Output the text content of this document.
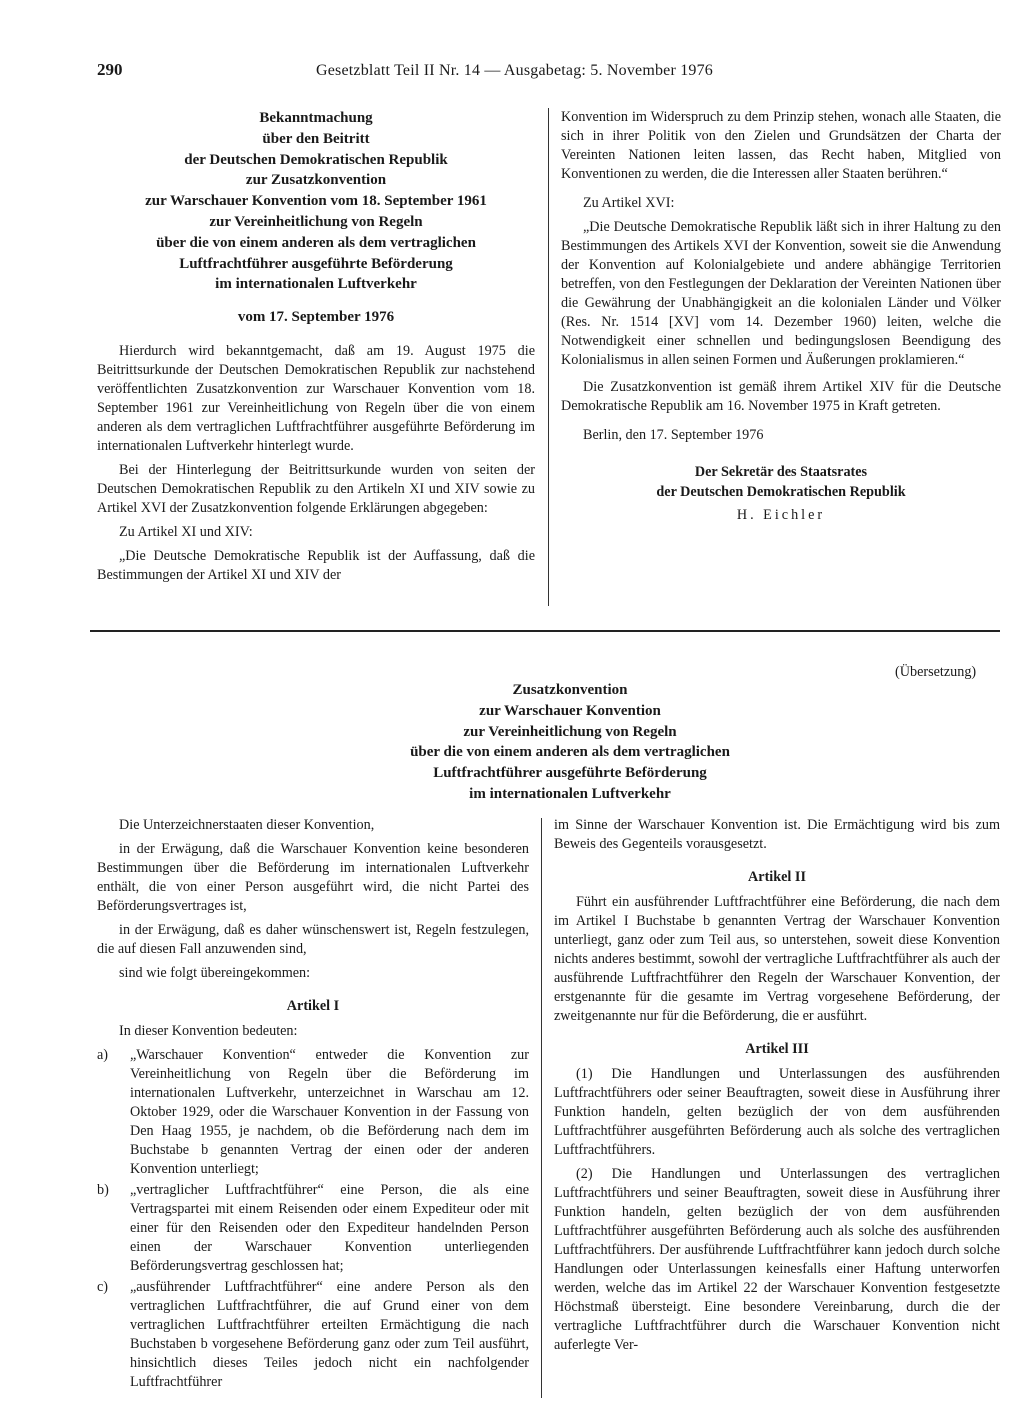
290	Gesetzblatt Teil II Nr. 14 — Ausgabetag: 5. November 1976
Bekanntmachung
über den Beitritt
der Deutschen Demokratischen Republik
zur Zusatzkonvention
zur Warschauer Konvention vom 18. September 1961
zur Vereinheitlichung von Regeln
über die von einem anderen als dem vertraglichen
Luftfrachtführer ausgeführte Beförderung
im internationalen Luftverkehr
vom 17. September 1976

Hierdurch wird bekanntgemacht, daß am 19. August 1975 die Beitrittsurkunde der Deutschen Demokratischen Republik zur nachstehend veröffentlichten Zusatzkonvention zur Warschauer Konvention vom 18. September 1961 zur Vereinheitlichung von Regeln über die von einem anderen als dem vertraglichen Luftfrachtführer ausgeführte Beförderung im internationalen Luftverkehr hinterlegt wurde.

Bei der Hinterlegung der Beitrittsurkunde wurden von seiten der Deutschen Demokratischen Republik zu den Artikeln XI und XIV sowie zu Artikel XVI der Zusatzkonvention folgende Erklärungen abgegeben:

Zu Artikel XI und XIV:

„Die Deutsche Demokratische Republik ist der Auffassung, daß die Bestimmungen der Artikel XI und XIV der

Konvention im Widerspruch zu dem Prinzip stehen, wonach alle Staaten, die sich in ihrer Politik von den Zielen und Grundsätzen der Charta der Vereinten Nationen leiten lassen, das Recht haben, Mitglied von Konventionen zu werden, die die Interessen aller Staaten berühren.“

Zu Artikel XVI:

„Die Deutsche Demokratische Republik läßt sich in ihrer Haltung zu den Bestimmungen des Artikels XVI der Konvention, soweit sie die Anwendung der Konvention auf Kolonialgebiete und andere abhängige Territorien betreffen, von den Festlegungen der Deklaration der Vereinten Nationen über die Gewährung der Unabhängigkeit an die kolonialen Länder und Völker (Res. Nr. 1514 [XV] vom 14. Dezember 1960) leiten, welche die Notwendigkeit einer schnellen und bedingungslosen Beendigung des Kolonialismus in allen seinen Formen und Äußerungen proklamieren.“

Die Zusatzkonvention ist gemäß ihrem Artikel XIV für die Deutsche Demokratische Republik am 16. November 1975 in Kraft getreten.

Berlin, den 17. September 1976

Der Sekretär des Staatsrates
der Deutschen Demokratischen Republik
H. Eichler
(Übersetzung)
Zusatzkonvention
zur Warschauer Konvention
zur Vereinheitlichung von Regeln
über die von einem anderen als dem vertraglichen
Luftfrachtführer ausgeführte Beförderung
im internationalen Luftverkehr

Die Unterzeichnerstaaten dieser Konvention,

in der Erwägung, daß die Warschauer Konvention keine besonderen Bestimmungen über die Beförderung im internationalen Luftverkehr enthält, die von einer Person ausgeführt wird, die nicht Partei des Beförderungsvertrages ist,

in der Erwägung, daß es daher wünschenswert ist, Regeln festzulegen, die auf diesen Fall anzuwenden sind,

sind wie folgt übereingekommen:

Artikel I

In dieser Konvention bedeuten:

a)	„Warschauer Konvention“ entweder die Konvention zur Vereinheitlichung von Regeln über die Beförderung im internationalen Luftverkehr, unterzeichnet in Warschau am 12. Oktober 1929, oder die Warschauer Konvention in der Fassung von Den Haag 1955, je nachdem, ob die Beförderung nach dem im Buchstabe b genannten Vertrag der einen oder der anderen Konvention unterliegt;
b)	„vertraglicher Luftfrachtführer“ eine Person, die als eine Vertragspartei mit einem Reisenden oder einem Expediteur oder mit einer für den Reisenden oder den Expediteur handelnden Person einen der Warschauer Konvention unterliegenden Beförderungsvertrag geschlossen hat;
c)	„ausführender Luftfrachtführer“ eine andere Person als den vertraglichen Luftfrachtführer, die auf Grund einer von dem vertraglichen Luftfrachtführer erteilten Ermächtigung die nach Buchstaben b vorgesehene Beförderung ganz oder zum Teil ausführt, hinsichtlich dieses Teiles jedoch nicht ein nachfolgender Luftfrachtführer

im Sinne der Warschauer Konvention ist. Die Ermächtigung wird bis zum Beweis des Gegenteils vorausgesetzt.

Artikel II

Führt ein ausführender Luftfrachtführer eine Beförderung, die nach dem im Artikel I Buchstabe b genannten Vertrag der Warschauer Konvention unterliegt, ganz oder zum Teil aus, so unterstehen, soweit diese Konvention nichts anderes bestimmt, sowohl der vertragliche Luftfrachtführer als auch der ausführende Luftfrachtführer den Regeln der Warschauer Konvention, der erstgenannte für die gesamte im Vertrag vorgesehene Beförderung, der zweitgenannte nur für die Beförderung, die er ausführt.

Artikel III

(1) Die Handlungen und Unterlassungen des ausführenden Luftfrachtführers oder seiner Beauftragten, soweit diese in Ausführung ihrer Funktion handeln, gelten bezüglich der von dem ausführenden Luftfrachtführer ausgeführten Beförderung auch als solche des vertraglichen Luftfrachtführers.

(2) Die Handlungen und Unterlassungen des vertraglichen Luftfrachtführers und seiner Beauftragten, soweit diese in Ausführung ihrer Funktion handeln, gelten bezüglich der von dem ausführenden Luftfrachtführer ausgeführten Beförderung auch als solche des ausführenden Luftfrachtführers. Der ausführende Luftfrachtführer kann jedoch durch solche Handlungen oder Unterlassungen keinesfalls einer Haftung unterworfen werden, welche das im Artikel 22 der Warschauer Konvention festgesetzte Höchstmaß übersteigt. Eine besondere Vereinbarung, durch die der vertragliche Luftfrachtführer durch die Warschauer Konvention nicht auferlegte Ver-
